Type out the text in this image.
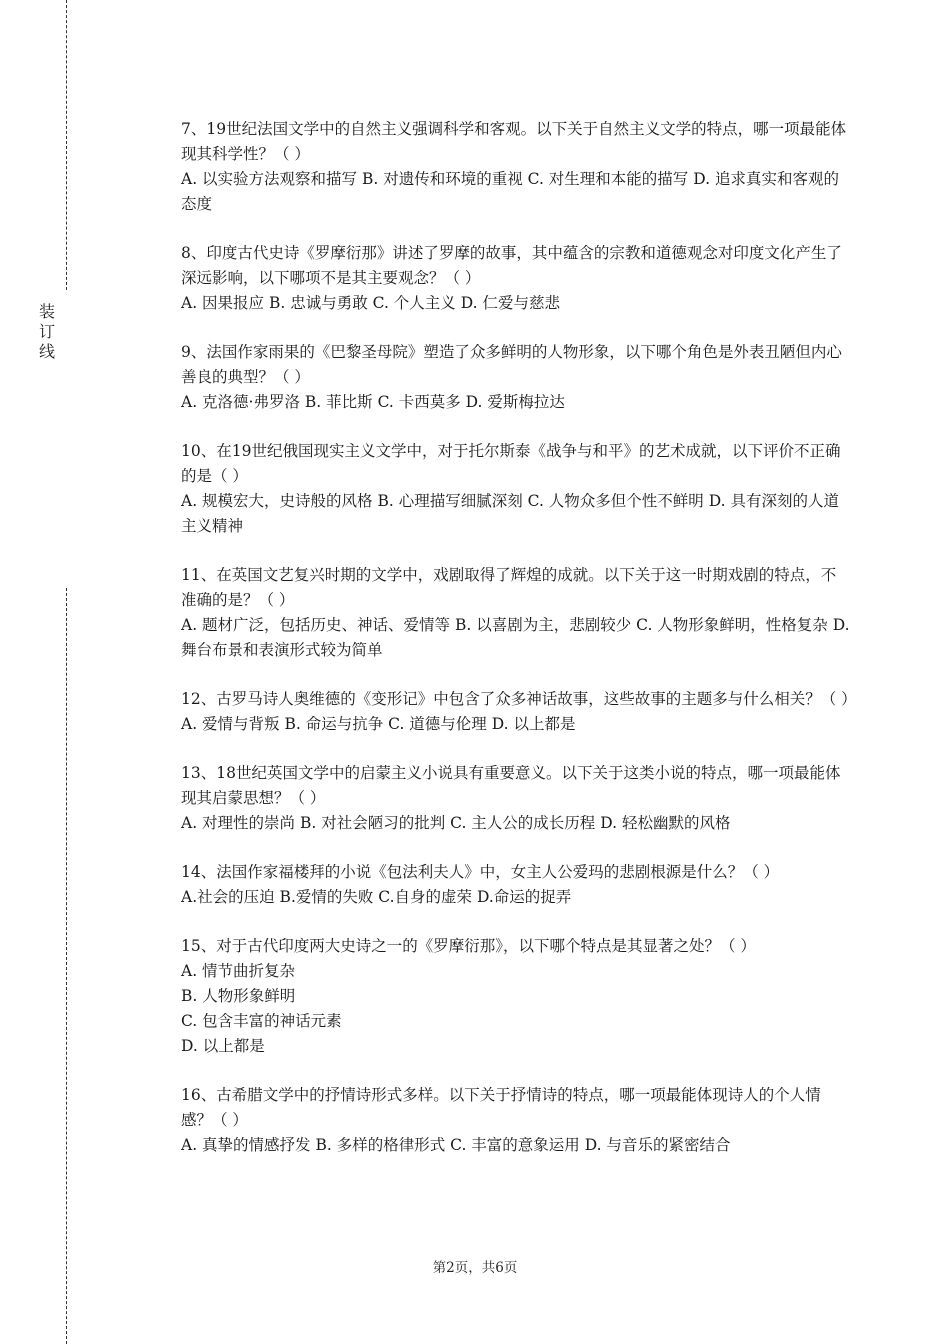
装
订
线

7、19世纪法国文学中的自然主义强调科学和客观。以下关于自然主义文学的特点，哪一项最能体现其科学性？（ ）

A. 以实验方法观察和描写 B. 对遗传和环境的重视 C. 对生理和本能的描写 D. 追求真实和客观的态度

8、印度古代史诗《罗摩衍那》讲述了罗摩的故事，其中蕴含的宗教和道德观念对印度文化产生了深远影响，以下哪项不是其主要观念？（ ）

A. 因果报应 B. 忠诚与勇敢 C. 个人主义 D. 仁爱与慈悲

9、法国作家雨果的《巴黎圣母院》塑造了众多鲜明的人物形象，以下哪个角色是外表丑陋但内心善良的典型？（ ）

A. 克洛德·弗罗洛 B. 菲比斯 C. 卡西莫多 D. 爱斯梅拉达

10、在19世纪俄国现实主义文学中，对于托尔斯泰《战争与和平》的艺术成就，以下评价不正确的是（ ）

A. 规模宏大，史诗般的风格 B. 心理描写细腻深刻 C. 人物众多但个性不鲜明 D. 具有深刻的人道主义精神

11、在英国文艺复兴时期的文学中，戏剧取得了辉煌的成就。以下关于这一时期戏剧的特点，不准确的是？（ ）

A. 题材广泛，包括历史、神话、爱情等 B. 以喜剧为主，悲剧较少 C. 人物形象鲜明，性格复杂 D. 舞台布景和表演形式较为简单

12、古罗马诗人奥维德的《变形记》中包含了众多神话故事，这些故事的主题多与什么相关？（ ）

A. 爱情与背叛 B. 命运与抗争 C. 道德与伦理 D. 以上都是

13、18世纪英国文学中的启蒙主义小说具有重要意义。以下关于这类小说的特点，哪一项最能体现其启蒙思想？（ ）

A. 对理性的崇尚 B. 对社会陋习的批判 C. 主人公的成长历程 D. 轻松幽默的风格

14、法国作家福楼拜的小说《包法利夫人》中，女主人公爱玛的悲剧根源是什么？（ ）

A.社会的压迫 B.爱情的失败 C.自身的虚荣 D.命运的捉弄

15、对于古代印度两大史诗之一的《罗摩衍那》，以下哪个特点是其显著之处？（ ）

A. 情节曲折复杂

B. 人物形象鲜明

C. 包含丰富的神话元素

D. 以上都是

16、古希腊文学中的抒情诗形式多样。以下关于抒情诗的特点，哪一项最能体现诗人的个人情感？（ ）

A. 真挚的情感抒发 B. 多样的格律形式 C. 丰富的意象运用 D. 与音乐的紧密结合

第2页，共6页
